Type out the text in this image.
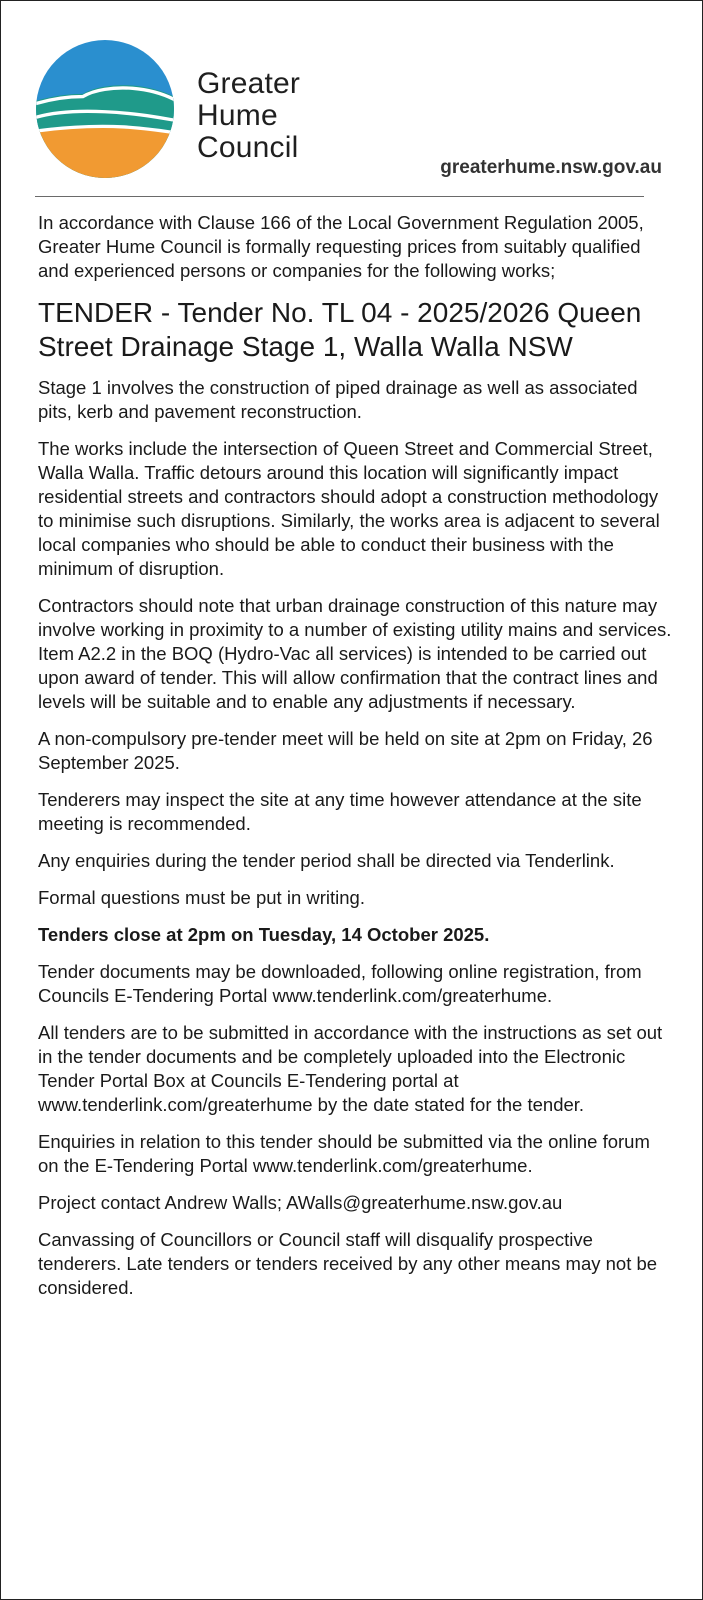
Greater
Hume
Council
greaterhume.nsw.gov.au

In accordance with Clause 166 of the Local Government Regulation 2005, Greater Hume Council is formally requesting prices from suitably qualified and experienced persons or companies for the following works;

TENDER - Tender No. TL 04 - 2025/2026 Queen Street Drainage Stage 1, Walla Walla NSW

Stage 1 involves the construction of piped drainage as well as associated pits, kerb and pavement reconstruction.

The works include the intersection of Queen Street and Commercial Street, Walla Walla. Traffic detours around this location will significantly impact residential streets and contractors should adopt a construction methodology to minimise such disruptions. Similarly, the works area is adjacent to several local companies who should be able to conduct their business with the minimum of disruption.

Contractors should note that urban drainage construction of this nature may involve working in proximity to a number of existing utility mains and services. Item A2.2 in the BOQ (Hydro-Vac all services) is intended to be carried out upon award of tender. This will allow confirmation that the contract lines and levels will be suitable and to enable any adjustments if necessary.

A non-compulsory pre-tender meet will be held on site at 2pm on Friday, 26 September 2025.

Tenderers may inspect the site at any time however attendance at the site meeting is recommended.

Any enquiries during the tender period shall be directed via Tenderlink.

Formal questions must be put in writing.

Tenders close at 2pm on Tuesday, 14 October 2025.

Tender documents may be downloaded, following online registration, from Councils E-Tendering Portal www.tenderlink.com/greaterhume.

All tenders are to be submitted in accordance with the instructions as set out in the tender documents and be completely uploaded into the Electronic Tender Portal Box at Councils E-Tendering portal at www.tenderlink.com/greaterhume by the date stated for the tender.

Enquiries in relation to this tender should be submitted via the online forum on the E-Tendering Portal www.tenderlink.com/greaterhume.

Project contact Andrew Walls; AWalls@greaterhume.nsw.gov.au

Canvassing of Councillors or Council staff will disqualify prospective tenderers. Late tenders or tenders received by any other means may not be considered.
